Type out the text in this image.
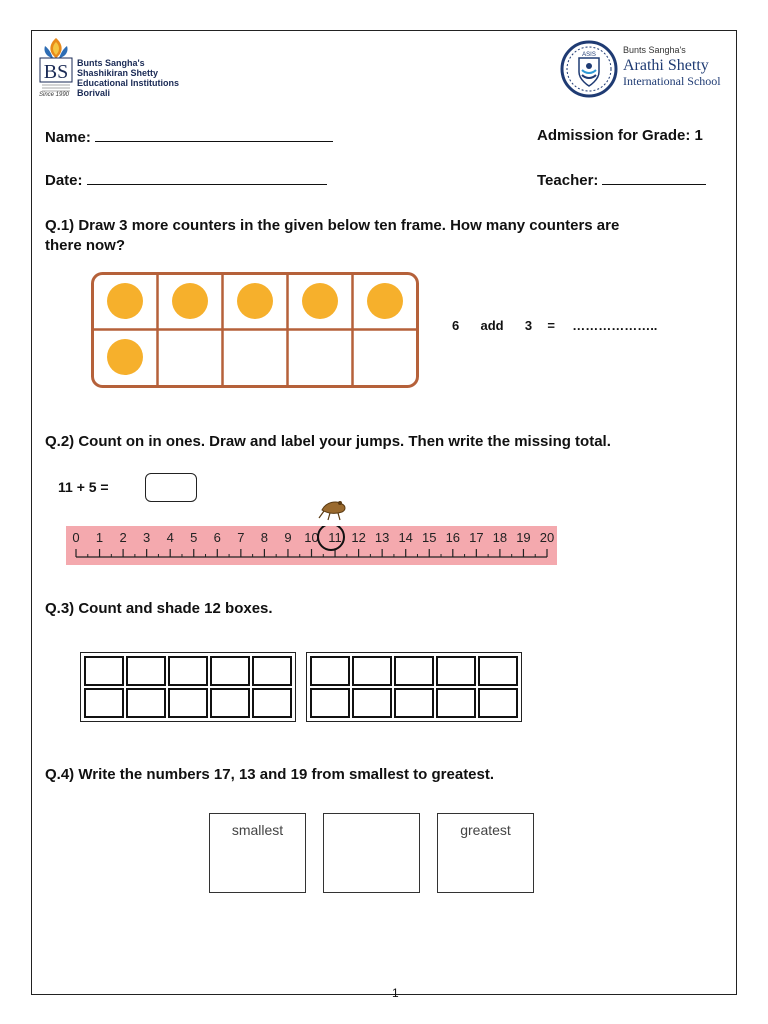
BS
Since 1990
Bunts Sangha's
Shashikiran Shetty
Educational Institutions
Borivali
ASIS	Bunts Sangha's
Arathi Shetty
International School
Name:	Admission for Grade: 1
Date:	Teacher:
Q.1) Draw 3 more counters in the given below ten frame. How many counters are
there now?
6 add 3 = ………………..
Q.2) Count on in ones. Draw and label your jumps. Then write the missing total.
11 + 5 =
0 1 2 3 4 5 6 7 8 9 10 11 12 13 14 15 16 17 18 19 20
Q.3) Count and shade 12 boxes.
Q.4) Write the numbers 17, 13 and 19 from smallest to greatest.
smallest	greatest
1
